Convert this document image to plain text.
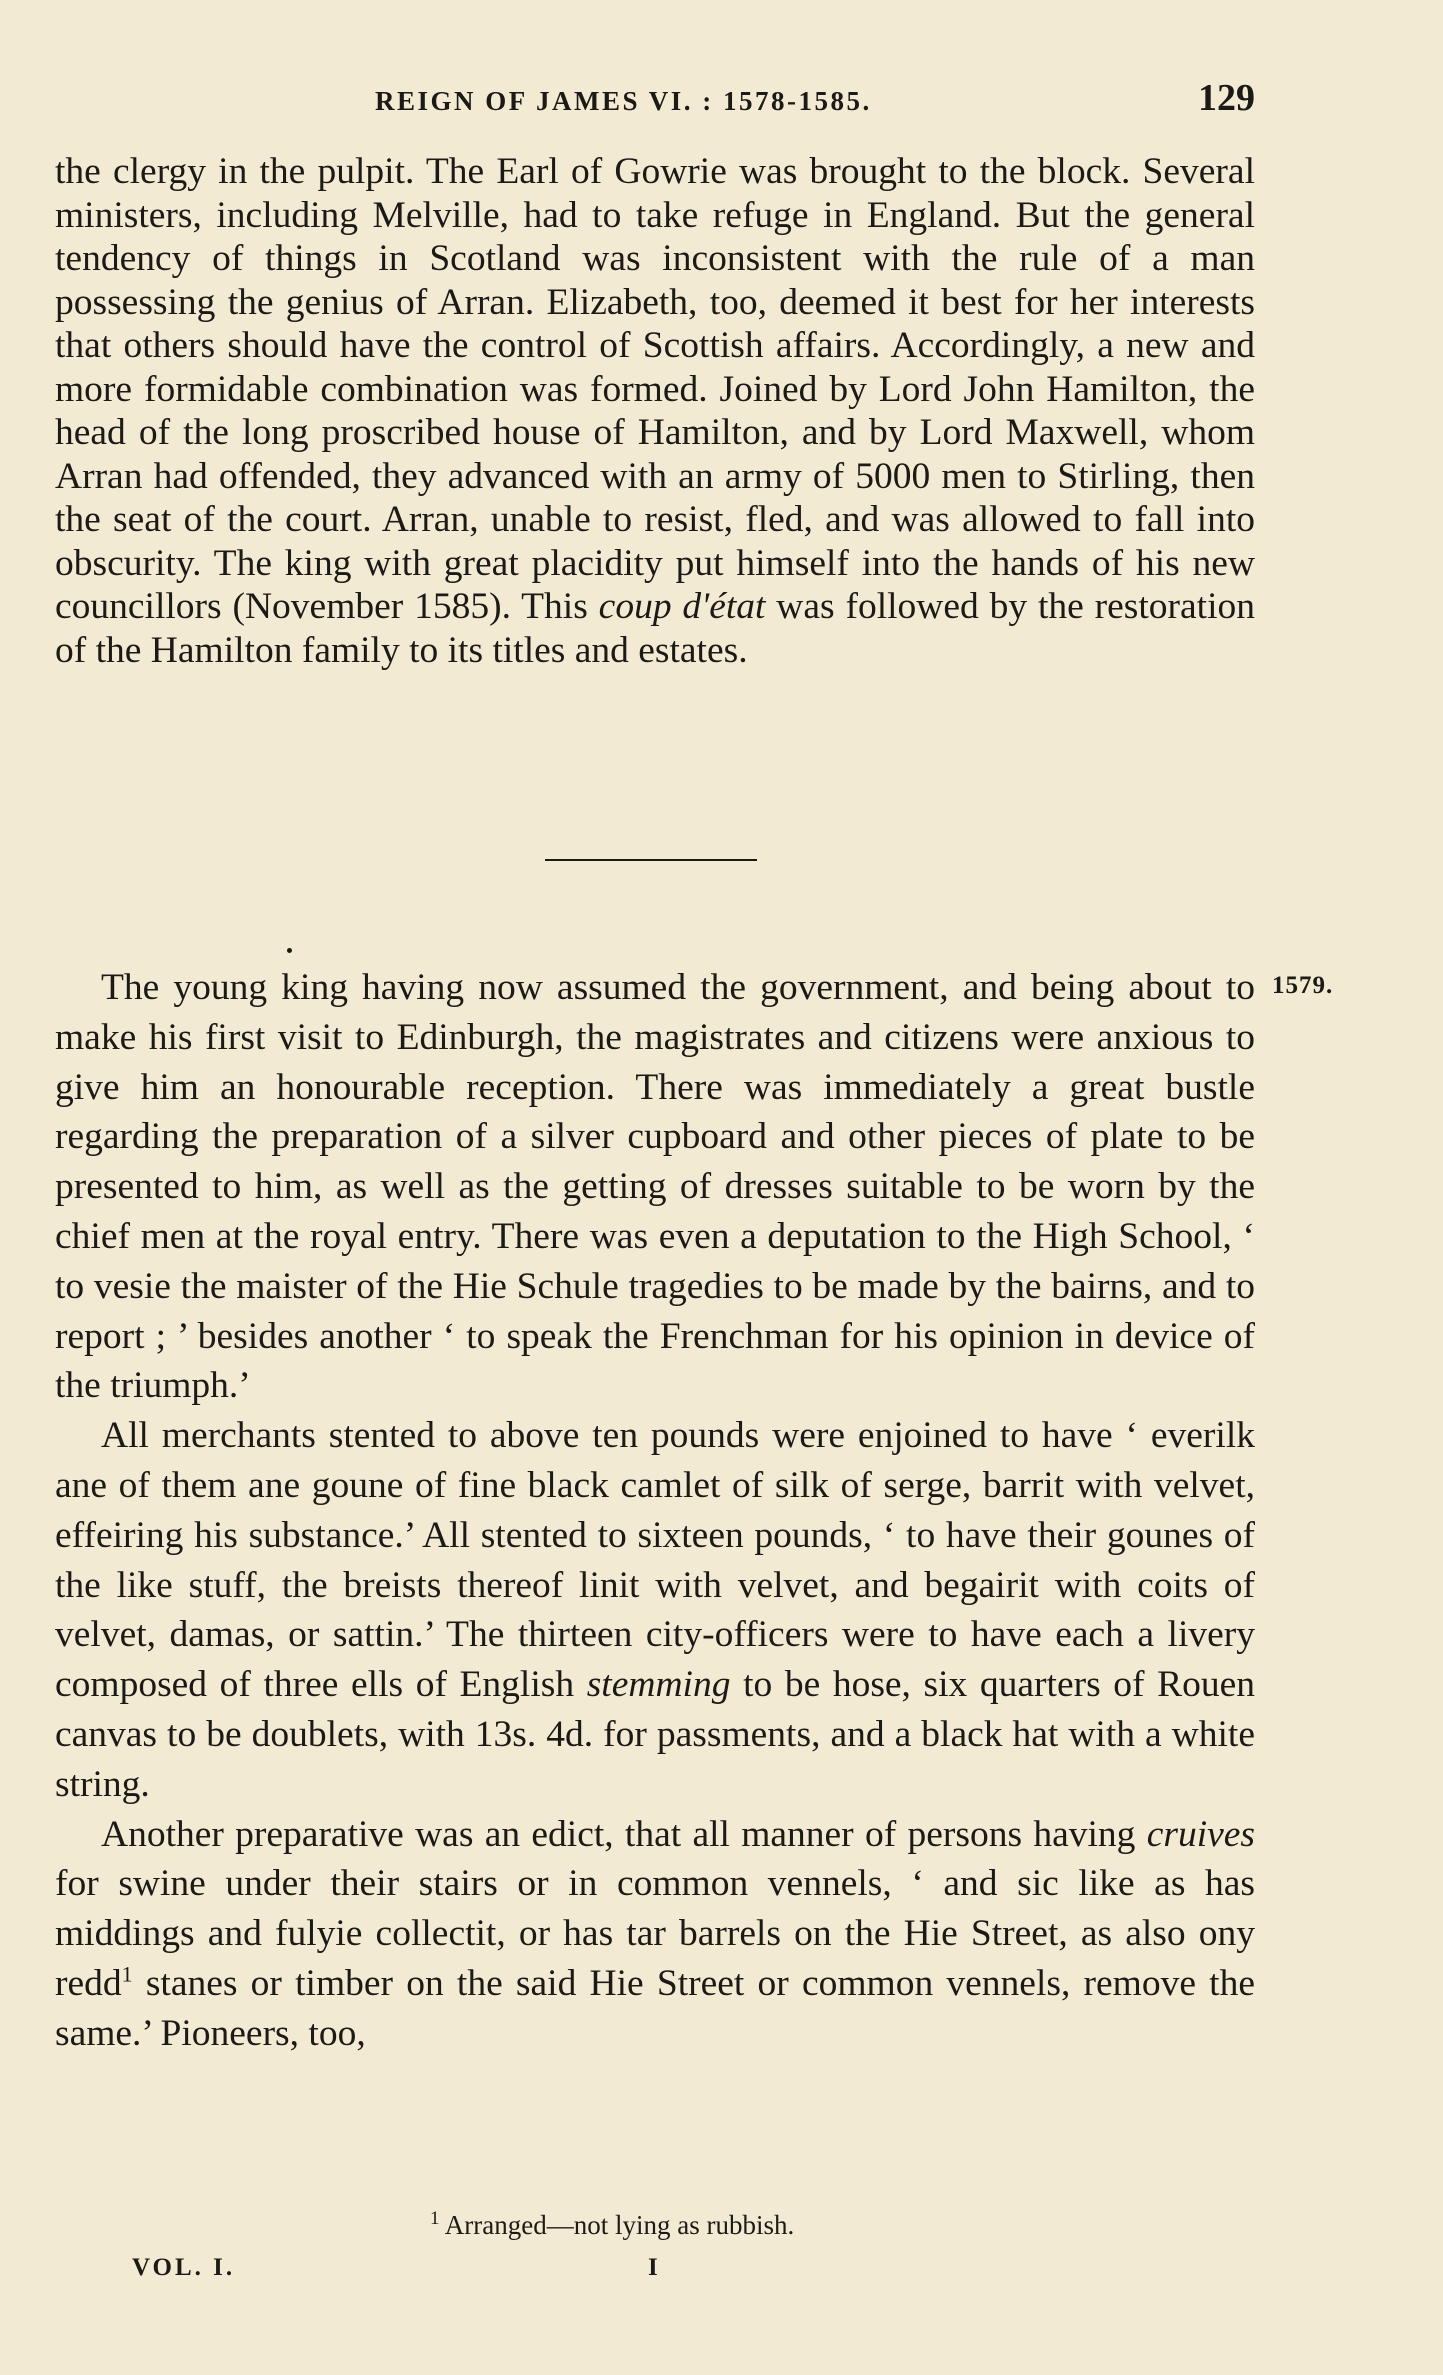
REIGN OF JAMES VI. : 1578-1585.	129

the clergy in the pulpit. The Earl of Gowrie was brought to the block. Several ministers, including Melville, had to take refuge in England. But the general tendency of things in Scotland was inconsistent with the rule of a man possessing the genius of Arran. Elizabeth, too, deemed it best for her interests that others should have the control of Scottish affairs. Accordingly, a new and more formidable combination was formed. Joined by Lord John Hamilton, the head of the long proscribed house of Hamilton, and by Lord Maxwell, whom Arran had offended, they advanced with an army of 5000 men to Stirling, then the seat of the court. Arran, unable to resist, fled, and was allowed to fall into obscurity. The king with great placidity put himself into the hands of his new councillors (November 1585). This coup d'état was followed by the restoration of the Hamilton family to its titles and estates.

1579.

The young king having now assumed the government, and being about to make his first visit to Edinburgh, the magistrates and citizens were anxious to give him an honourable reception. There was immediately a great bustle regarding the preparation of a silver cupboard and other pieces of plate to be presented to him, as well as the getting of dresses suitable to be worn by the chief men at the royal entry. There was even a deputation to the High School, ‘ to vesie the maister of the Hie Schule tragedies to be made by the bairns, and to report ; ’ besides another ‘ to speak the Frenchman for his opinion in device of the triumph.’

All merchants stented to above ten pounds were enjoined to have ‘ everilk ane of them ane goune of fine black camlet of silk of serge, barrit with velvet, effeiring his substance.’ All stented to sixteen pounds, ‘ to have their gounes of the like stuff, the breists thereof linit with velvet, and begairit with coits of velvet, damas, or sattin.’ The thirteen city-officers were to have each a livery composed of three ells of English stemming to be hose, six quarters of Rouen canvas to be doublets, with 13s. 4d. for passments, and a black hat with a white string.

Another preparative was an edict, that all manner of persons having cruives for swine under their stairs or in common vennels, ‘ and sic like as has middings and fulyie collectit, or has tar barrels on the Hie Street, as also ony redd$^1$ stanes or timber on the said Hie Street or common vennels, remove the same.’ Pioneers, too,

$^1$ Arranged—not lying as rubbish.
VOL. I.	I
